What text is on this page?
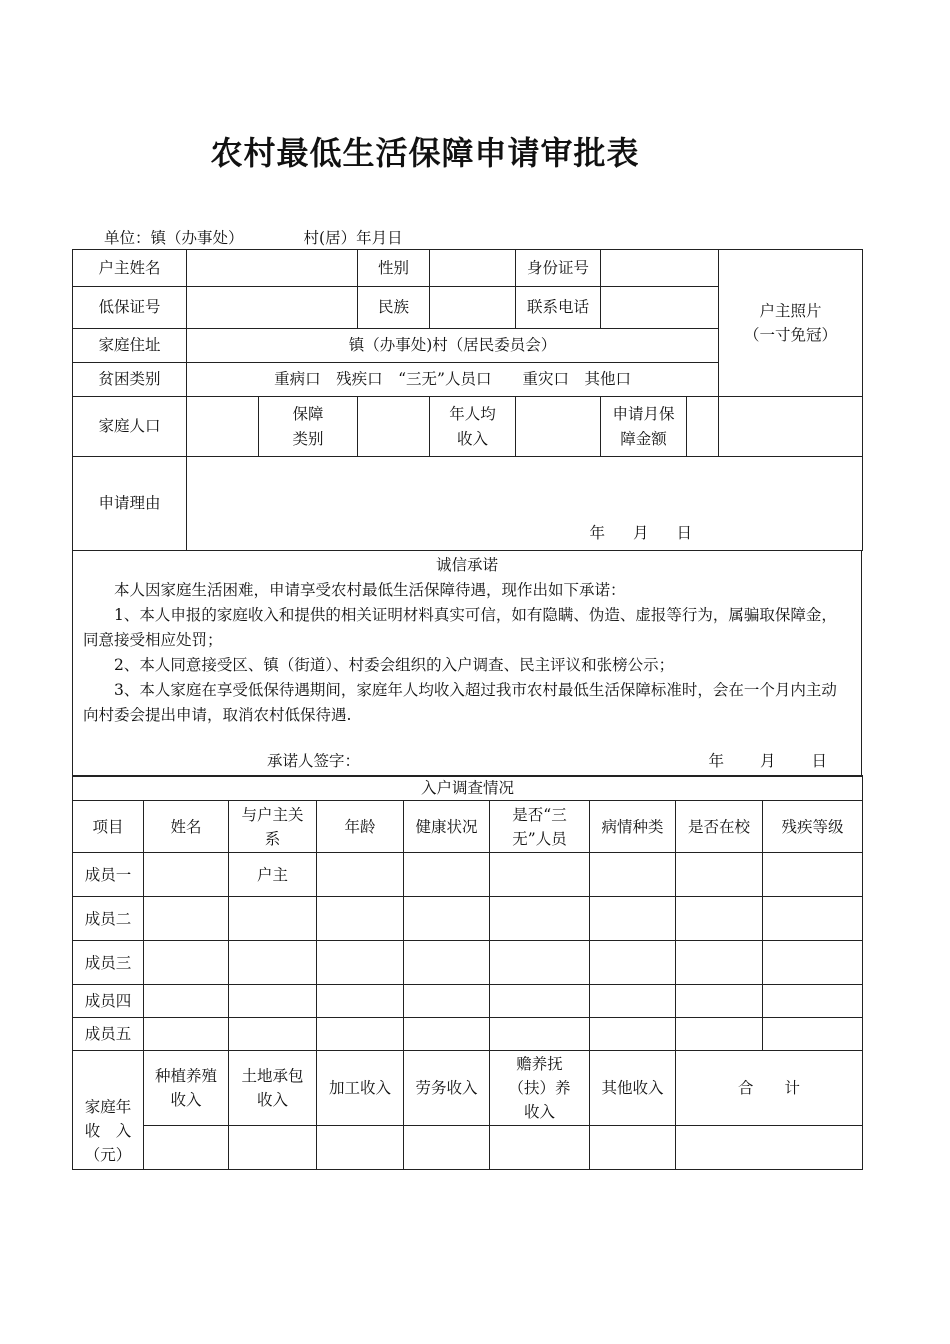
农村最低生活保障申请审批表
单位：镇（办事处）	村(居）年月日
户主姓名			性别		身份证号			户主照片
（一寸免冠）

低保证号			民族		联系电话			
家庭住址	镇（办事处)村（居民委员会）							
贫困类别	重病口　残疾口　“三无”人员口　　重灾口　其他口							
家庭人口		保障类别		年人均收入		申请月保障金额		

申请理由	年 月 日							

诚信承诺

本人因家庭生活困难，申请享受农村最低生活保障待遇，现作出如下承诺：

1、本人申报的家庭收入和提供的相关证明材料真实可信，如有隐瞒、伪造、虚报等行为，属骗取保障金，同意接受相应处罚；

2、本人同意接受区、镇（街道）、村委会组织的入户调查、民主评议和张榜公示；

3、本人家庭在享受低保待遇期间，家庭年人均收入超过我市农村最低生活保障标准时，会在一个月内主动向村委会提出申请，取消农村低保待遇.

承诺人签字：	年 月 日
入户调查情况								
项目	姓名	与户主关系	年龄	健康状况	是否“三无”人员	病情种类	是否在校	残疾等级
成员一		户主						
成员二								
成员三								
成员四								
成员五								

家庭年收　入（元）	种植养殖收入	土地承包收入	加工收入	劳务收入	赡养抚（扶）养收入	其他收入	合　　计	
